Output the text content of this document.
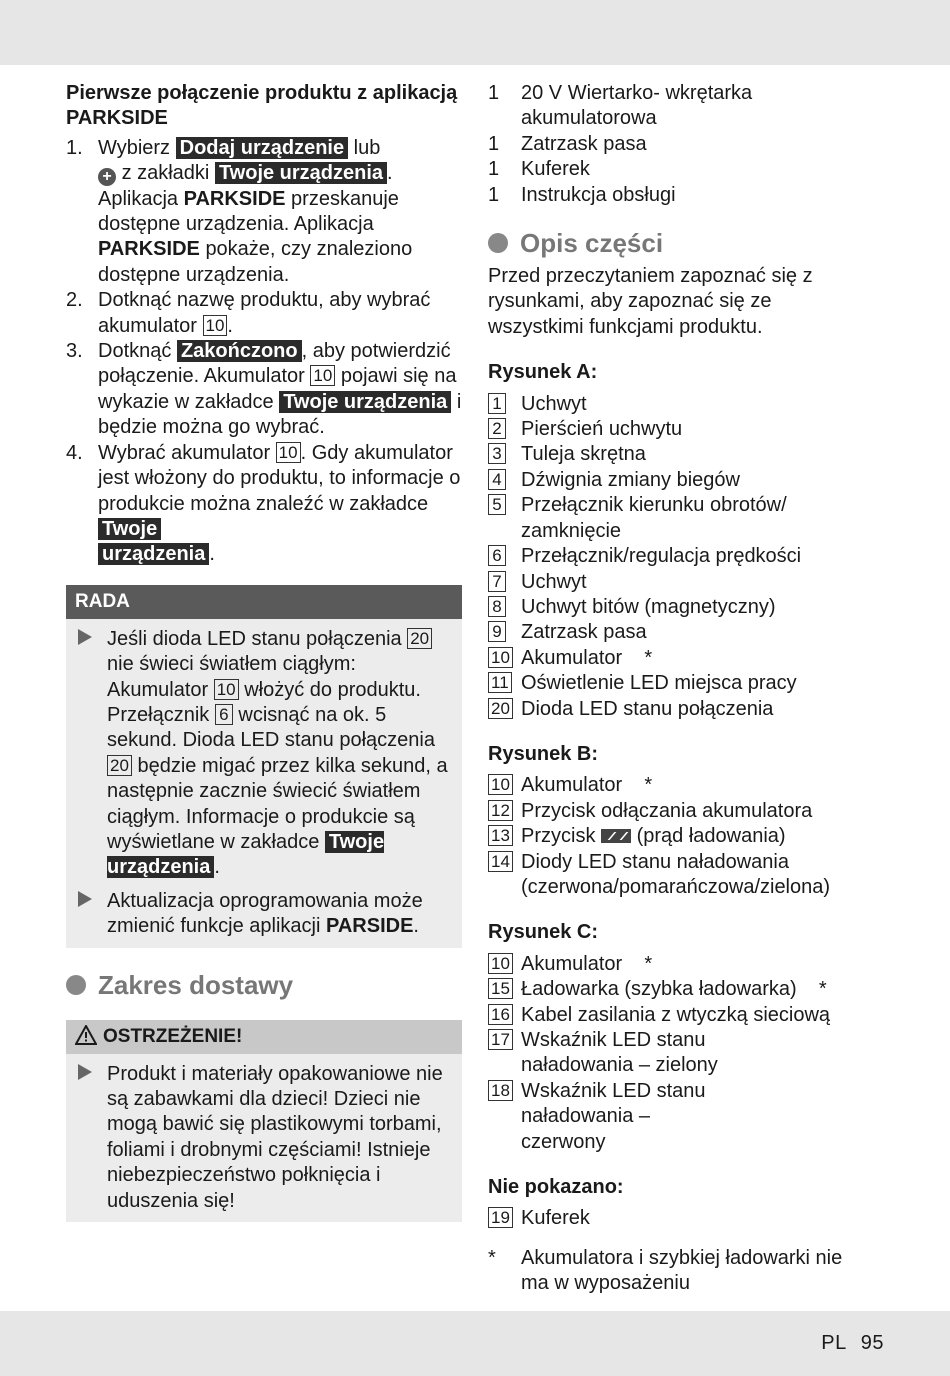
Pierwsze połączenie produktu z aplikacją PARKSIDE
1. Wybierz Dodaj urządzenie lub
+ z zakładki Twoje urządzenia . Aplikacja PARKSIDE przeskanuje dostępne urządzenia. Aplikacja PARKSIDE pokaże, czy znaleziono dostępne urządzenia.
2. Dotknąć nazwę produktu, aby wybrać akumulator 10 .
3. Dotknąć Zakończono , aby potwierdzić połączenie. Akumulator 10 pojawi się na wykazie w zakładce Twoje urządzenia i będzie można go wybrać.
4. Wybrać akumulator 10 . Gdy akumulator jest włożony do produktu, to informacje o produkcie można znaleźć w zakładce Twoje
urządzenia .
RADA
Jeśli dioda LED stanu połączenia 20 nie świeci światłem ciągłym: Akumulator 10 włożyć do produktu. Przełącznik 6 wcisnąć na ok. 5 sekund. Dioda LED stanu połączenia 20 będzie migać przez kilka sekund, a następnie zacznie świecić światłem ciągłym. Informacje o produkcie są wyświetlane w zakładce Twoje urządzenia .
Aktualizacja oprogramowania może zmienić funkcje aplikacji PARSIDE.
Zakres dostawy
OSTRZEŻENIE!
Produkt i materiały opakowaniowe nie są zabawkami dla dzieci! Dzieci nie mogą bawić się plastikowymi torbami, foliami i drobnymi częściami! Istnieje niebezpieczeństwo połknięcia i uduszenia się!
1	20 V Wiertarko- wkrętarka akumulatorowa
1	Zatrzask pasa
1	Kuferek
1	Instrukcja obsługi
Opis części
Przed przeczytaniem zapoznać się z rysunkami, aby zapoznać się ze wszystkimi funkcjami produktu.
Rysunek A:
1 Uchwyt
2 Pierścień uchwytu
3 Tuleja skrętna
4 Dźwignia zmiany biegów
5 Przełącznik kierunku obrotów/ zamknięcie
6 Przełącznik/regulacja prędkości
7 Uchwyt
8 Uchwyt bitów (magnetyczny)
9 Zatrzask pasa
10 Akumulator    *
11 Oświetlenie LED miejsca pracy
20 Dioda LED stanu połączenia
Rysunek B:
10 Akumulator    *
12 Przycisk odłączania akumulatora
13 Przycisk (prąd ładowania)
14 Diody LED stanu naładowania (czerwona/pomarańczowa/zielona)
Rysunek C:
10 Akumulator    *
15 Ładowarka (szybka ładowarka)    *
16 Kabel zasilania z wtyczką sieciową
17 Wskaźnik LED stanu naładowania – zielony
18 Wskaźnik LED stanu naładowania – czerwony
Nie pokazano:
19 Kuferek
*	Akumulatora i szybkiej ładowarki nie ma w wyposażeniu
PL 95
